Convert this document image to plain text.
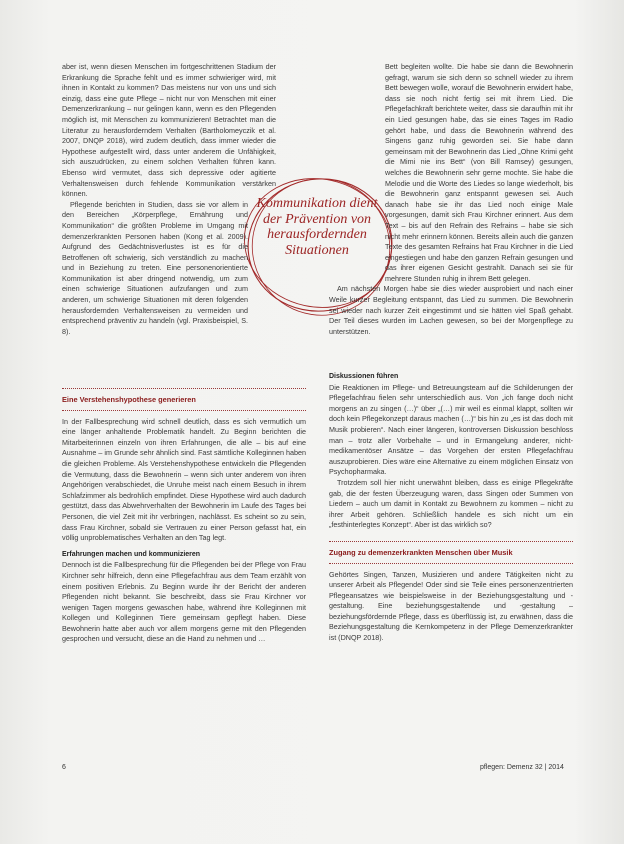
Kommunikation dient der Prävention von herausfordernden Situationen

aber ist, wenn diesen Menschen im fortgeschrittenen Stadium der Erkrankung die Sprache fehlt und es immer schwieriger wird, mit ihnen in Kontakt zu kommen? Das meistens nur von uns und sich einzig, dass eine gute Pflege – nicht nur von Menschen mit einer Demenzerkrankung – nur gelingen kann, wenn es den Pflegenden möglich ist, mit Menschen zu kommunizieren! Betrachtet man die Literatur zu herausforderndem Verhalten (Bartholomeyczik et al. 2007, DNQP 2018), wird zudem deutlich, dass immer wieder die Hypothese aufgestellt wird, dass unter anderem die Unfähigkeit, sich auszudrücken, zu einem solchen Verhalten führen kann. Ebenso wird vermutet, dass sich depressive oder agitierte Verhaltensweisen durch fehlende Kommunikation verstärken können.

Pflegende berichten in Studien, dass sie vor allem in den Bereichen „Körperpflege, Ernährung und Kommunikation“ die größten Probleme im Umgang mit demenzerkrankten Personen haben (Kong et al. 2009). Aufgrund des Gedächtnisverlustes ist es für die Betroffenen oft schwierig, sich verständlich zu machen und in Beziehung zu treten. Eine personenorientierte Kommunikation ist aber dringend notwendig, um zum einen schwierige Situationen aufzufangen und zum anderen, um schwierige Situationen mit deren folgenden herausfordernden Verhaltensweisen zu vermeiden und entsprechend präventiv zu handeln (vgl. Praxisbeispiel, S. 8).

Eine Verstehenshypothese generieren

In der Fallbesprechung wird schnell deutlich, dass es sich vermutlich um eine länger anhaltende Problematik handelt. Zu Beginn berichten die Mitarbeiterinnen einzeln von ihren Erfahrungen, die alle – bis auf eine Ausnahme – im Grunde sehr ähnlich sind. Fast sämtliche Kolleginnen haben die gleichen Probleme. Als Verstehenshypothese entwickeln die Pflegenden die Vermutung, dass die Bewohnerin – wenn sich unter anderem von ihren Angehörigen verabschiedet, die Unruhe meist nach einem Besuch in ihrem Schlafzimmer als bedrohlich empfindet. Diese Hypothese wird auch dadurch gestützt, dass das Abwehrverhalten der Bewohnerin im Laufe des Tages bei Personen, die viel Zeit mit ihr verbringen, nachlässt. Es scheint so zu sein, dass Frau Kirchner, sobald sie Vertrauen zu einer Person gefasst hat, ein völlig unproblematisches Verhalten an den Tag legt.

Erfahrungen machen und kommunizieren

Dennoch ist die Fallbesprechung für die Pflegenden bei der Pflege von Frau Kirchner sehr hilfreich, denn eine Pflegefachfrau aus dem Team erzählt von einem positiven Erlebnis. Zu Beginn wurde ihr der Bericht der anderen Pflegenden nicht bekannt. Sie beschreibt, dass sie Frau Kirchner vor wenigen Tagen morgens gewaschen habe, während ihre Kolleginnen mit Kollegen und Kolleginnen Tiere gemeinsam gepflegt haben. Diese Bewohnerin hatte aber auch vor allem morgens gerne mit den Pflegenden gesprochen und versucht, diese an die Hand zu nehmen und …

Bett begleiten wollte. Die habe sie dann die Bewohnerin gefragt, warum sie sich denn so schnell wieder zu ihrem Bett bewegen wolle, worauf die Bewohnerin erwidert habe, dass sie noch nicht fertig sei mit ihrem Lied. Die Pflegefachkraft berichtete weiter, dass sie daraufhin mit ihr ein Lied gesungen habe, das sie eines Tages im Radio gehört habe, und dass die Bewohnerin während des Singens ganz ruhig geworden sei. Sie habe dann gemeinsam mit der Bewohnerin das Lied „Ohne Krimi geht die Mimi nie ins Bett“ (von Bill Ramsey) gesungen, welches die Bewohnerin sehr gerne mochte. Sie habe die Melodie und die Worte des Liedes so lange wiederholt, bis die Bewohnerin ganz entspannt gewesen sei. Auch danach habe sie ihr das Lied noch einige Male vorgesungen, damit sich Frau Kirchner erinnert. Aus dem Text – bis auf den Refrain des Refrains – habe sie sich nicht mehr erinnern können. Bereits allein auch die ganzen Texte des gesamten Refrains hat Frau Kirchner in die Lied eingestiegen und habe den ganzen Refrain gesungen und das ihrer eigenen Gesicht gestrahlt. Danach sei sie für mehrere Stunden ruhig in ihrem Bett gelegen.

Am nächsten Morgen habe sie dies wieder ausprobiert und nach einer Weile kurzer Begleitung entspannt, das Lied zu summen. Die Bewohnerin sei wieder nach kurzer Zeit eingestimmt und sie hätten viel Spaß gehabt. Der Teil dieses wurden im Lachen gewesen, so bei der Morgenpflege zu unterstützen.

Diskussionen führen

Die Reaktionen im Pflege- und Betreuungsteam auf die Schilderungen der Pflegefachfrau fielen sehr unterschiedlich aus. Von „ich fange doch nicht morgens an zu singen (…)“ über „(…) mir weil es einmal klappt, sollten wir doch kein Pflegekonzept daraus machen (…)“ bis hin zu „es ist das doch mit Musik probieren“. Nach einer längeren, kontroversen Diskussion beschloss man – trotz aller Vorbehalte – und in Ermangelung anderer, nicht-medikamentöser Ansätze – das Vorgehen der ersten Pflegefachfrau auszuprobieren. Dies wäre eine Alternative zu einem möglichen Einsatz von Psychopharmaka.

Trotzdem soll hier nicht unerwähnt bleiben, dass es einige Pflegekräfte gab, die der festen Überzeugung waren, dass Singen oder Summen von Liedern – auch um damit in Kontakt zu Bewohnern zu kommen – nicht zu ihrer Arbeit gehören. Schließlich handele es sich nicht um ein „festhinterlegtes Konzept“. Aber ist das wirklich so?

Zugang zu demenzerkrankten Menschen über Musik

Gehörtes Singen, Tanzen, Musizieren und andere Tätigkeiten nicht zu unserer Arbeit als Pflegende! Oder sind sie Teile eines personenzentrierten Pflegeansatzes wie beispielsweise in der Beziehungsgestaltung und -gestaltung. Eine beziehungsgestaltende und -gestaltung – beziehungsfördernde Pflege, dass es überflüssig ist, zu erwähnen, dass die Beziehungsgestaltung die Kernkompetenz in der Pflege Demenzerkrankter ist (DNQP 2018).

6	pflegen: Demenz 32 | 2014
